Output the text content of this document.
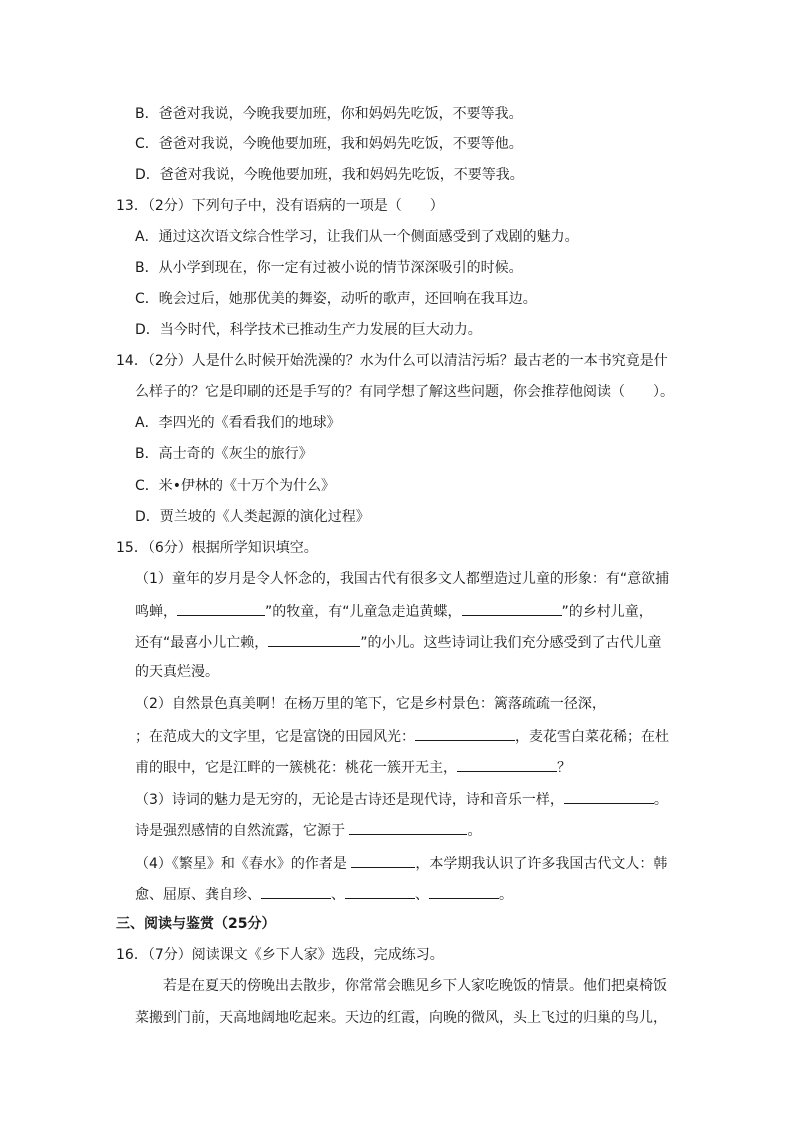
B．爸爸对我说，今晚我要加班，你和妈妈先吃饭，不要等我。
C．爸爸对我说，今晚他要加班，我和妈妈先吃饭，不要等他。
D．爸爸对我说，今晚他要加班，我和妈妈先吃饭，不要等我。
13．（2分）下列句子中，没有语病的一项是（　　）
A．通过这次语文综合性学习，让我们从一个侧面感受到了戏剧的魅力。
B．从小学到现在，你一定有过被小说的情节深深吸引的时候。
C．晚会过后，她那优美的舞姿，动听的歌声，还回响在我耳边。
D．当今时代，科学技术已推动生产力发展的巨大动力。
14．（2分）人是什么时候开始洗澡的？水为什么可以清洁污垢？最古老的一本书究竟是什
么样子的？它是印刷的还是手写的？有同学想了解这些问题，你会推荐他阅读（　　）。
A．李四光的《看看我们的地球》
B．高士奇的《灰尘的旅行》
C．米•伊林的《十万个为什么》
D．贾兰坡的《人类起源的演化过程》
15．（6分）根据所学知识填空。
（1）童年的岁月是令人怀念的，我国古代有很多文人都塑造过儿童的形象：有“意欲捕
鸣蝉，	”的牧童，有“儿童急走追黄蝶，	”的乡村儿童，
还有“最喜小儿亡赖，	”的小儿。这些诗词让我们充分感受到了古代儿童
的天真烂漫。
（2）自然景色真美啊！在杨万里的笔下，它是乡村景色：篱落疏疏一径深，
；在范成大的文字里，它是富饶的田园风光：	，麦花雪白菜花稀；在杜
甫的眼中，它是江畔的一簇桃花：桃花一簇开无主，	？
（3）诗词的魅力是无穷的，无论是古诗还是现代诗，诗和音乐一样，	。
诗是强烈感情的自然流露，它源于	。
（4）《繁星》和《春水》的作者是	，本学期我认识了许多我国古代文人：韩
愈、屈原、龚自珍、	、	、	。
三、阅读与鉴赏（25分）
16．（7分）阅读课文《乡下人家》选段，完成练习。
若是在夏天的傍晚出去散步，你常常会瞧见乡下人家吃晚饭的情景。他们把桌椅饭
菜搬到门前，天高地阔地吃起来。天边的红霞，向晚的微风，头上飞过的归巢的鸟儿，
